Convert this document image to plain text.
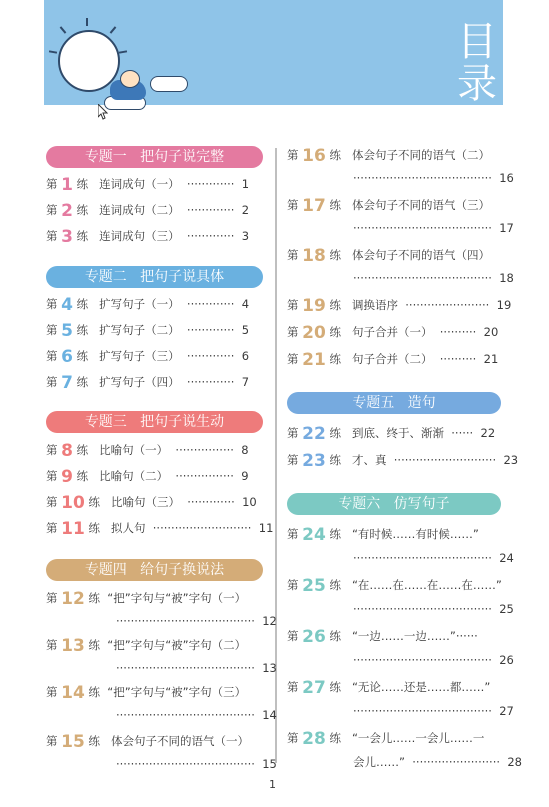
目
录
专题一   把句子说完整
第 1 练   连词成句（一）  ·············  1
第 2 练   连词成句（二）  ·············  2
第 3 练   连词成句（三）  ·············  3
专题二   把句子说具体
第 4 练   扩写句子（一）  ·············  4
第 5 练   扩写句子（二）  ·············  5
第 6 练   扩写句子（三）  ·············  6
第 7 练   扩写句子（四）  ·············  7
专题三   把句子说生动
第 8 练   比喻句（一）  ················  8
第 9 练   比喻句（二）  ················  9
第 10 练   比喻句（三）  ·············  10
第 11 练   拟人句  ···························  11
专题四   给句子换说法
第 12 练  “把”字句与“被”字句（一）
······································  12
第 13 练  “把”字句与“被”字句（二）
······································  13
第 14 练  “把”字句与“被”字句（三）
······································  14
第 15 练   体会句子不同的语气（一）
······································  15
第 16 练   体会句子不同的语气（二）
······································  16
第 17 练   体会句子不同的语气（三）
······································  17
第 18 练   体会句子不同的语气（四）
······································  18
第 19 练   调换语序  ·······················  19
第 20 练   句子合并（一）  ··········  20
第 21 练   句子合并（二）  ··········  21
专题五   造句
第 22 练   到底、终于、渐渐  ······  22
第 23 练   才、真  ····························  23
专题六   仿写句子
第 24 练   “有时候……有时候……”
······································  24
第 25 练   “在……在……在……在……”
······································  25
第 26 练   “一边……一边……”······
······································  26
第 27 练   “无论……还是……都……”
······································  27
第 28 练   “一会儿……一会儿……一
会儿……”  ························  28
1
